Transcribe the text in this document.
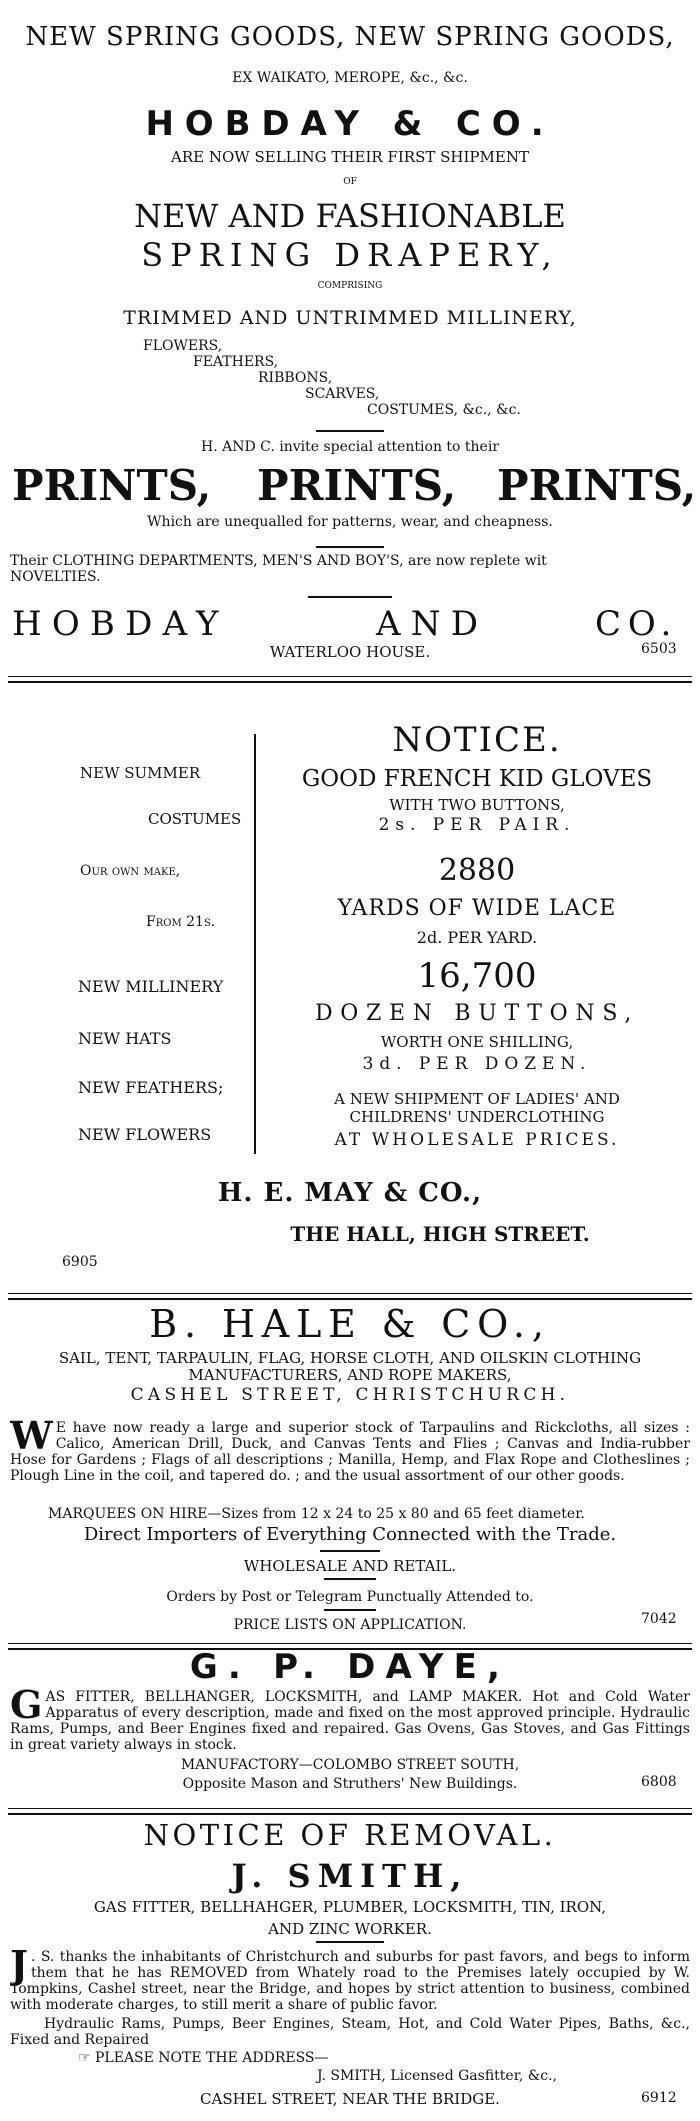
NEW SPRING GOODS, NEW SPRING GOODS,
EX WAIKATO, MEROPE, &c., &c.
HOBDAY & CO.
ARE NOW SELLING THEIR FIRST SHIPMENT
OF
NEW AND FASHIONABLE
SPRING DRAPERY,
COMPRISING
TRIMMED AND UNTRIMMED MILLINERY,
FLOWERS,
FEATHERS,
RIBBONS,
SCARVES,
COSTUMES, &c., &c.
H. AND C. invite special attention to their
PRINTS, PRINTS, PRINTS,
Which are unequalled for patterns, wear, and cheapness.
Their CLOTHING DEPARTMENTS, MEN'S AND BOY'S, are now replete wit
NOVELTIES.
HOBDAY	AND	CO.
WATERLOO HOUSE.	6503
NEW SUMMER
COSTUMES
Our own make,
From 21s.
NEW MILLINERY
NEW HATS
NEW FEATHERS;
NEW FLOWERS
NOTICE.
GOOD FRENCH KID GLOVES
WITH TWO BUTTONS,
2s. PER PAIR.
2880
YARDS OF WIDE LACE
2d. PER YARD.
16,700
DOZEN BUTTONS,
WORTH ONE SHILLING,
3d. PER DOZEN.
A NEW SHIPMENT OF LADIES' AND
CHILDRENS' UNDERCLOTHING
AT WHOLESALE PRICES.
H. E. MAY & CO.,
THE HALL, HIGH STREET.
6905
B. HALE & CO.,
SAIL, TENT, TARPAULIN, FLAG, HORSE CLOTH, AND OILSKIN CLOTHING
MANUFACTURERS, AND ROPE MAKERS,
CASHEL STREET, CHRISTCHURCH.
W E have now ready a large and superior stock of Tarpaulins and Rickcloths, all sizes : Calico, American Drill, Duck, and Canvas Tents and Flies ; Canvas and India-rubber Hose for Gardens ; Flags of all descriptions ; Manilla, Hemp, and Flax Rope and Clotheslines ; Plough Line in the coil, and tapered do. ; and the usual assortment of our other goods.
MARQUEES ON HIRE—Sizes from 12 x 24 to 25 x 80 and 65 feet diameter.
Direct Importers of Everything Connected with the Trade.
WHOLESALE AND RETAIL.
Orders by Post or Telegram Punctually Attended to.
PRICE LISTS ON APPLICATION.	7042
G. P. DAYE,
GAS FITTER, BELLHANGER, LOCKSMITH, and LAMP MAKER. Hot and Cold Water Apparatus of every description, made and fixed on the most approved principle. Hydraulic Rams, Pumps, and Beer Engines fixed and repaired. Gas Ovens, Gas Stoves, and Gas Fittings in great variety always in stock.
MANUFACTORY—COLOMBO STREET SOUTH,
Opposite Mason and Struthers' New Buildings.	6808
NOTICE OF REMOVAL.
J. SMITH,
GAS FITTER, BELLHAHGER, PLUMBER, LOCKSMITH, TIN, IRON,
AND ZINC WORKER.
J . S. thanks the inhabitants of Christchurch and suburbs for past favors, and begs to inform them that he has REMOVED from Whately road to the Premises lately occupied by W. Tompkins, Cashel street, near the Bridge, and hopes by strict attention to business, combined with moderate charges, to still merit a share of public favor.
Hydraulic Rams, Pumps, Beer Engines, Steam, Hot, and Cold Water Pipes, Baths, &c., Fixed and Repaired
☞ PLEASE NOTE THE ADDRESS—
J. SMITH, Licensed Gasfitter, &c.,
CASHEL STREET, NEAR THE BRIDGE.	6912
